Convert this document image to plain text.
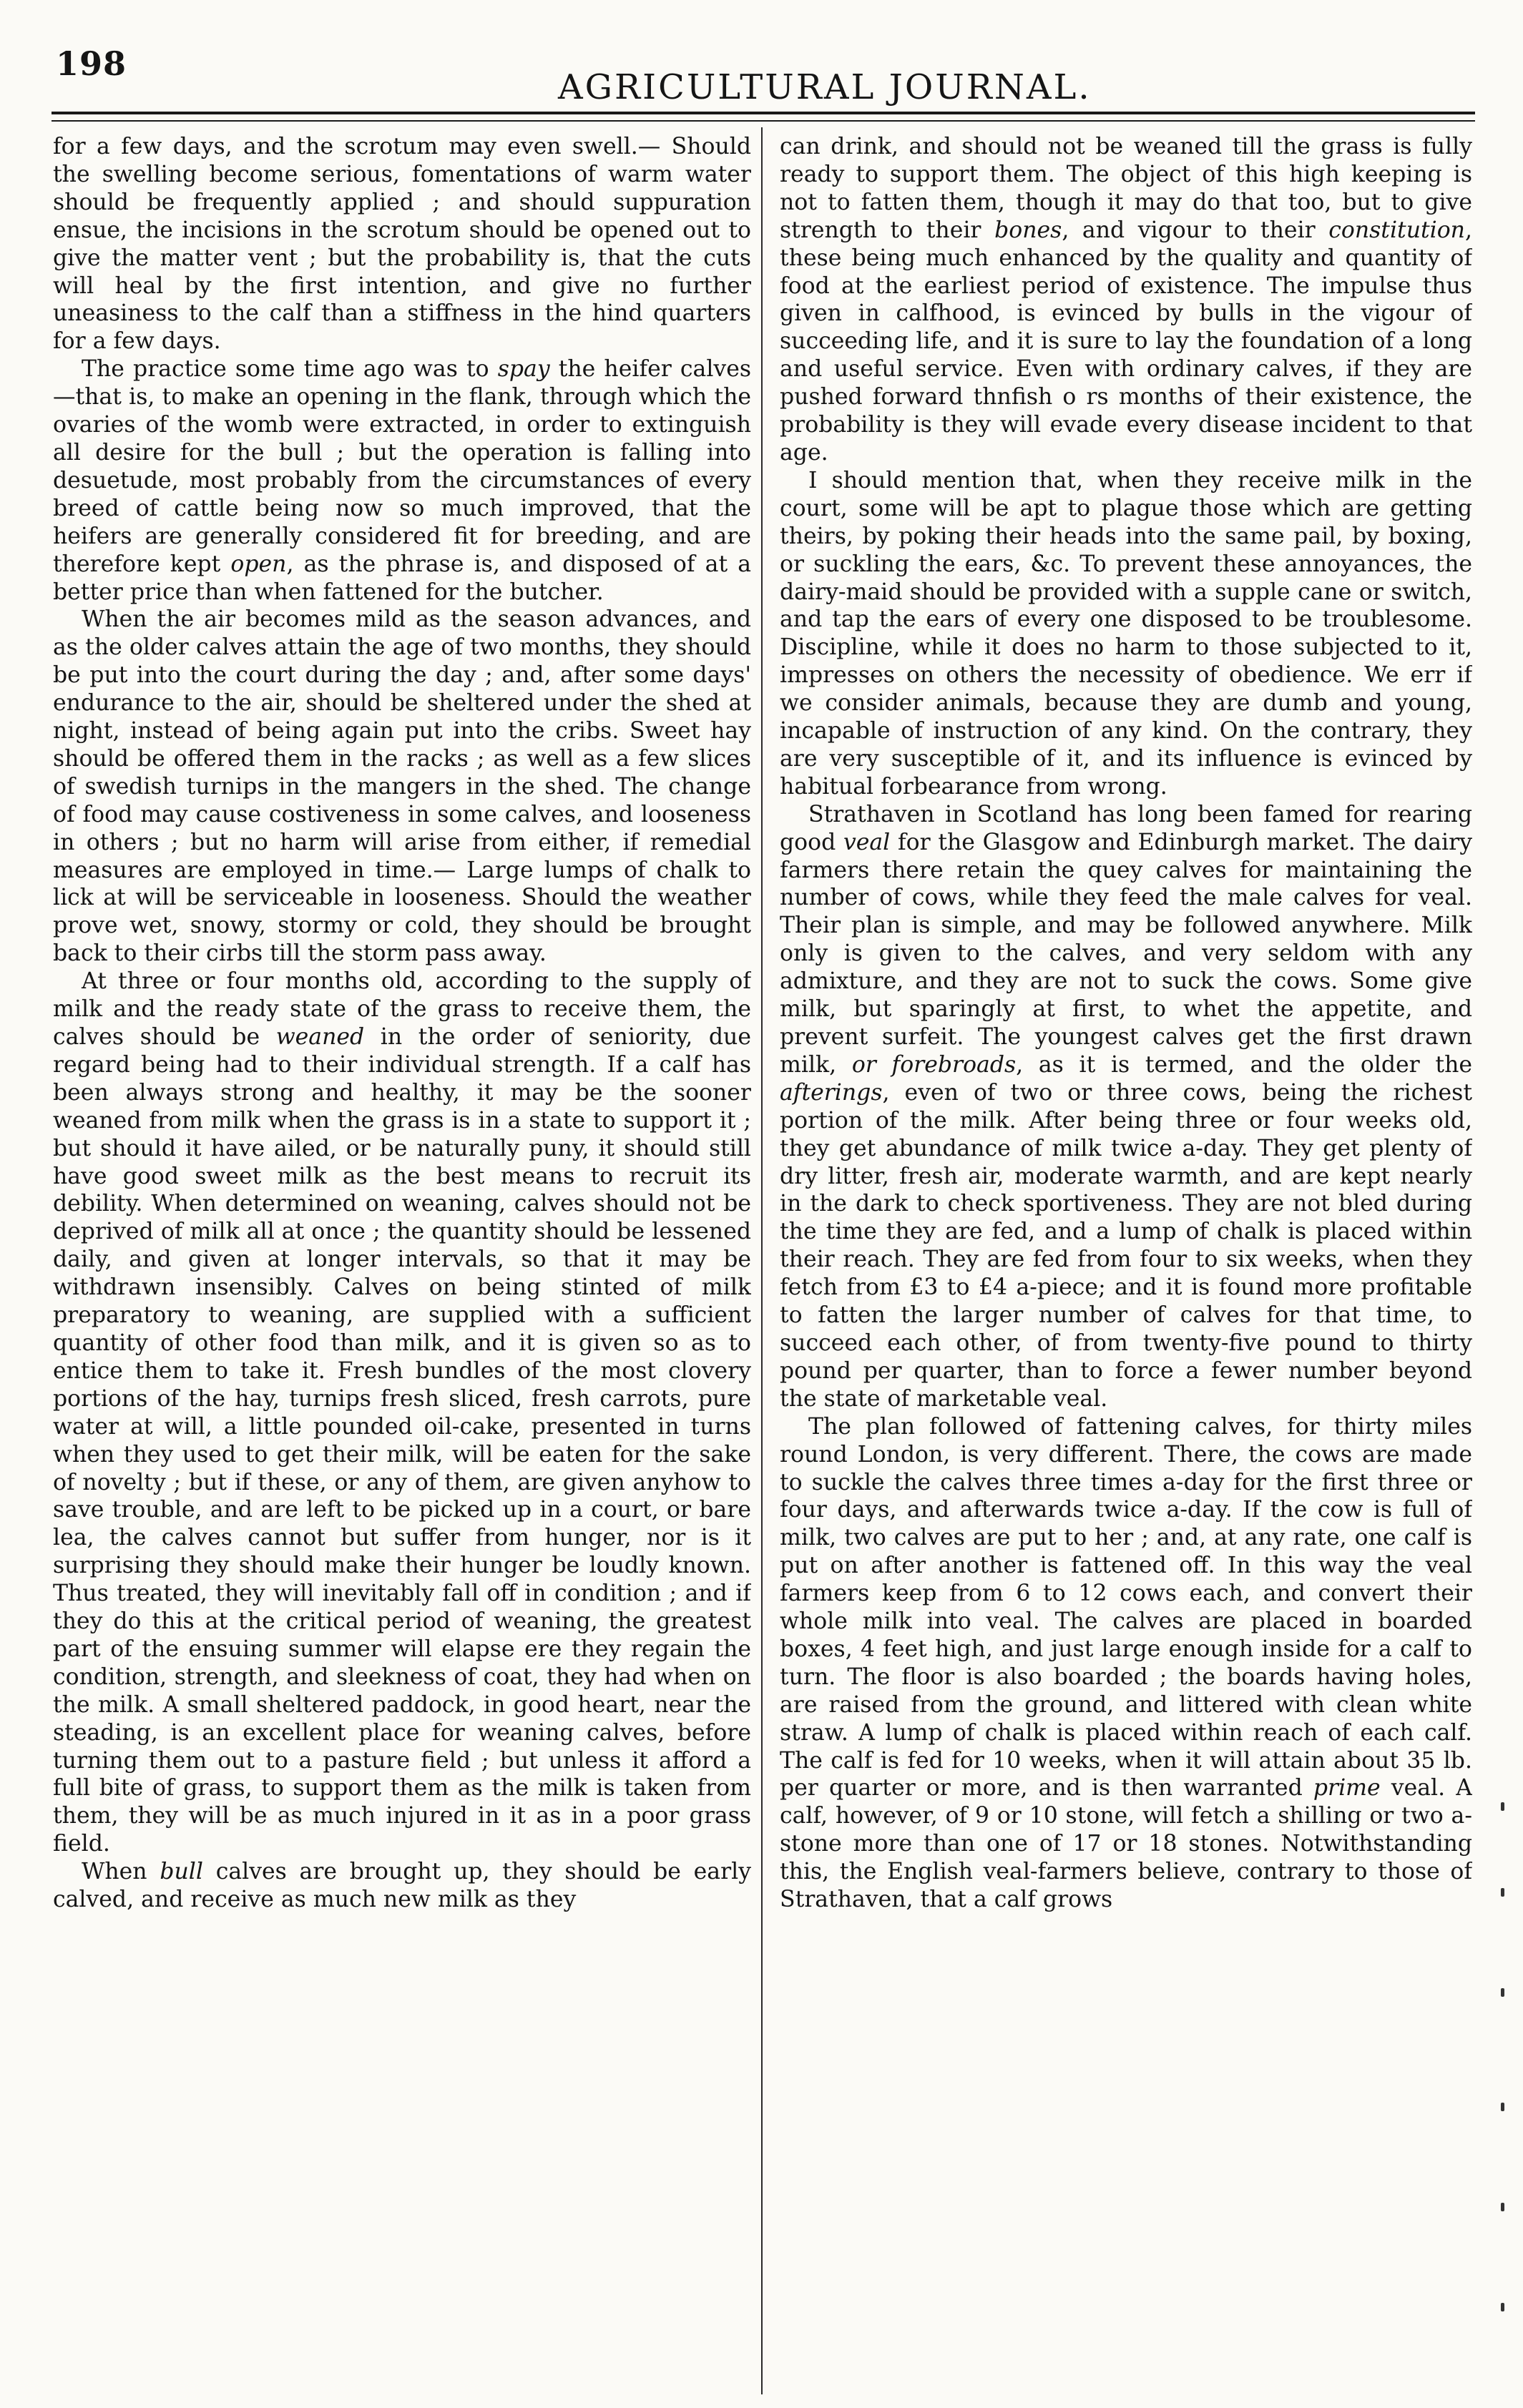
198
AGRICULTURAL JOURNAL.

for a few days, and the scrotum may even swell.— Should the swelling become serious, fomentations of warm water should be frequently applied ; and should suppuration ensue, the incisions in the scrotum should be opened out to give the matter vent ; but the probability is, that the cuts will heal by the first intention, and give no further uneasiness to the calf than a stiffness in the hind quarters for a few days.

The practice some time ago was to spay the heifer calves—that is, to make an opening in the flank, through which the ovaries of the womb were extracted, in order to extinguish all desire for the bull ; but the operation is falling into desuetude, most probably from the circumstances of every breed of cattle being now so much improved, that the heifers are generally considered fit for breeding, and are therefore kept open, as the phrase is, and disposed of at a better price than when fattened for the butcher.

When the air becomes mild as the season advances, and as the older calves attain the age of two months, they should be put into the court during the day ; and, after some days' endurance to the air, should be sheltered under the shed at night, instead of being again put into the cribs. Sweet hay should be offered them in the racks ; as well as a few slices of swedish turnips in the mangers in the shed. The change of food may cause costiveness in some calves, and looseness in others ; but no harm will arise from either, if remedial measures are employed in time.— Large lumps of chalk to lick at will be serviceable in looseness. Should the weather prove wet, snowy, stormy or cold, they should be brought back to their cirbs till the storm pass away.

At three or four months old, according to the supply of milk and the ready state of the grass to receive them, the calves should be weaned in the order of seniority, due regard being had to their individual strength. If a calf has been always strong and healthy, it may be the sooner weaned from milk when the grass is in a state to support it ; but should it have ailed, or be naturally puny, it should still have good sweet milk as the best means to recruit its debility. When determined on weaning, calves should not be deprived of milk all at once ; the quantity should be lessened daily, and given at longer intervals, so that it may be withdrawn insensibly. Calves on being stinted of milk preparatory to weaning, are supplied with a sufficient quantity of other food than milk, and it is given so as to entice them to take it. Fresh bundles of the most clovery portions of the hay, turnips fresh sliced, fresh carrots, pure water at will, a little pounded oil-cake, presented in turns when they used to get their milk, will be eaten for the sake of novelty ; but if these, or any of them, are given anyhow to save trouble, and are left to be picked up in a court, or bare lea, the calves cannot but suffer from hunger, nor is it surprising they should make their hunger be loudly known. Thus treated, they will inevitably fall off in condition ; and if they do this at the critical period of weaning, the greatest part of the ensuing summer will elapse ere they regain the condition, strength, and sleekness of coat, they had when on the milk. A small sheltered paddock, in good heart, near the steading, is an excellent place for weaning calves, before turning them out to a pasture field ; but unless it afford a full bite of grass, to support them as the milk is taken from them, they will be as much injured in it as in a poor grass field.

When bull calves are brought up, they should be early calved, and receive as much new milk as they

can drink, and should not be weaned till the grass is fully ready to support them. The object of this high keeping is not to fatten them, though it may do that too, but to give strength to their bones, and vigour to their constitution, these being much enhanced by the quality and quantity of food at the earliest period of existence. The impulse thus given in calfhood, is evinced by bulls in the vigour of succeeding life, and it is sure to lay the foundation of a long and useful service. Even with ordinary calves, if they are pushed forward thnfish o rs months of their existence, the probability is they will evade every disease incident to that age.

I should mention that, when they receive milk in the court, some will be apt to plague those which are getting theirs, by poking their heads into the same pail, by boxing, or suckling the ears, &c. To prevent these annoyances, the dairy-maid should be provided with a supple cane or switch, and tap the ears of every one disposed to be troublesome. Discipline, while it does no harm to those subjected to it, impresses on others the necessity of obedience. We err if we consider animals, because they are dumb and young, incapable of instruction of any kind. On the contrary, they are very susceptible of it, and its influence is evinced by habitual forbearance from wrong.

Strathaven in Scotland has long been famed for rearing good veal for the Glasgow and Edinburgh market. The dairy farmers there retain the quey calves for maintaining the number of cows, while they feed the male calves for veal. Their plan is simple, and may be followed anywhere. Milk only is given to the calves, and very seldom with any admixture, and they are not to suck the cows. Some give milk, but sparingly at first, to whet the appetite, and prevent surfeit. The youngest calves get the first drawn milk, or forebroads, as it is termed, and the older the afterings, even of two or three cows, being the richest portion of the milk. After being three or four weeks old, they get abundance of milk twice a-day. They get plenty of dry litter, fresh air, moderate warmth, and are kept nearly in the dark to check sportiveness. They are not bled during the time they are fed, and a lump of chalk is placed within their reach. They are fed from four to six weeks, when they fetch from £3 to £4 a-piece; and it is found more profitable to fatten the larger number of calves for that time, to succeed each other, of from twenty-five pound to thirty pound per quarter, than to force a fewer number beyond the state of marketable veal.

The plan followed of fattening calves, for thirty miles round London, is very different. There, the cows are made to suckle the calves three times a-day for the first three or four days, and afterwards twice a-day. If the cow is full of milk, two calves are put to her ; and, at any rate, one calf is put on after another is fattened off. In this way the veal farmers keep from 6 to 12 cows each, and convert their whole milk into veal. The calves are placed in boarded boxes, 4 feet high, and just large enough inside for a calf to turn. The floor is also boarded ; the boards having holes, are raised from the ground, and littered with clean white straw. A lump of chalk is placed within reach of each calf. The calf is fed for 10 weeks, when it will attain about 35 lb. per quarter or more, and is then warranted prime veal. A calf, however, of 9 or 10 stone, will fetch a shilling or two a-stone more than one of 17 or 18 stones. Notwithstanding this, the English veal-farmers believe, contrary to those of Strathaven, that a calf grows
